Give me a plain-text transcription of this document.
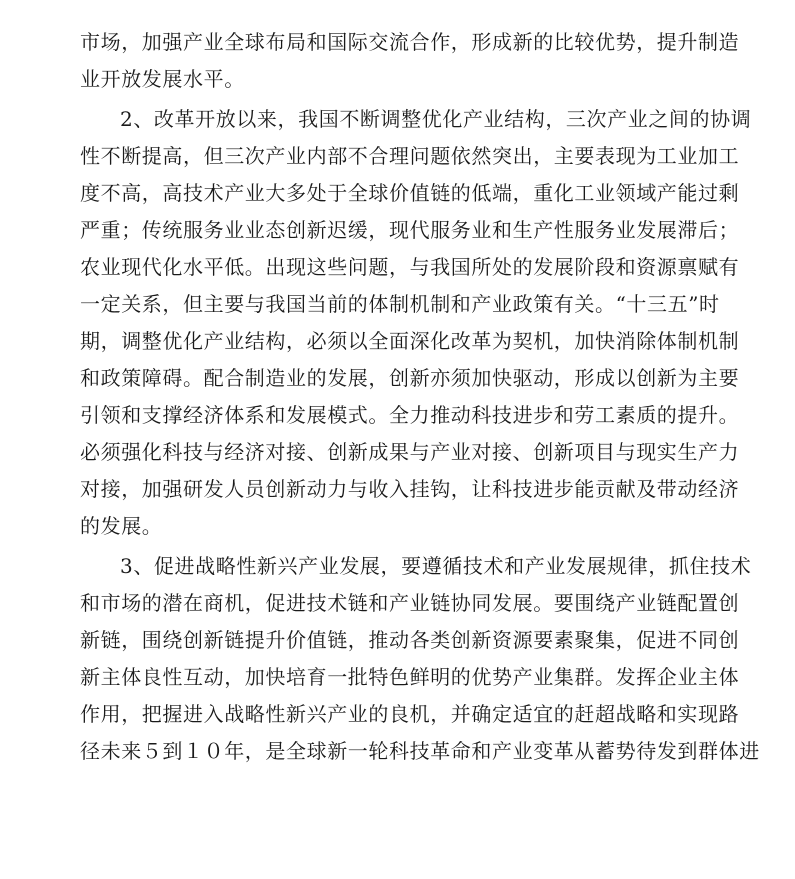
市场，加强产业全球布局和国际交流合作，形成新的比较优势，提升制造
业开放发展水平。
2、改革开放以来，我国不断调整优化产业结构，三次产业之间的协调
性不断提高，但三次产业内部不合理问题依然突出，主要表现为工业加工
度不高，高技术产业大多处于全球价值链的低端，重化工业领域产能过剩
严重；传统服务业业态创新迟缓，现代服务业和生产性服务业发展滞后；
农业现代化水平低。出现这些问题，与我国所处的发展阶段和资源禀赋有
一定关系，但主要与我国当前的体制机制和产业政策有关。“十三五”时
期，调整优化产业结构，必须以全面深化改革为契机，加快消除体制机制
和政策障碍。配合制造业的发展，创新亦须加快驱动，形成以创新为主要
引领和支撑经济体系和发展模式。全力推动科技进步和劳工素质的提升。
必须强化科技与经济对接、创新成果与产业对接、创新项目与现实生产力
对接，加强研发人员创新动力与收入挂钩，让科技进步能贡献及带动经济
的发展。
3、促进战略性新兴产业发展，要遵循技术和产业发展规律，抓住技术
和市场的潜在商机，促进技术链和产业链协同发展。要围绕产业链配置创
新链，围绕创新链提升价值链，推动各类创新资源要素聚集，促进不同创
新主体良性互动，加快培育一批特色鲜明的优势产业集群。发挥企业主体
作用，把握进入战略性新兴产业的良机，并确定适宜的赶超战略和实现路
径未来５到１０年，是全球新一轮科技革命和产业变革从蓄势待发到群体进
